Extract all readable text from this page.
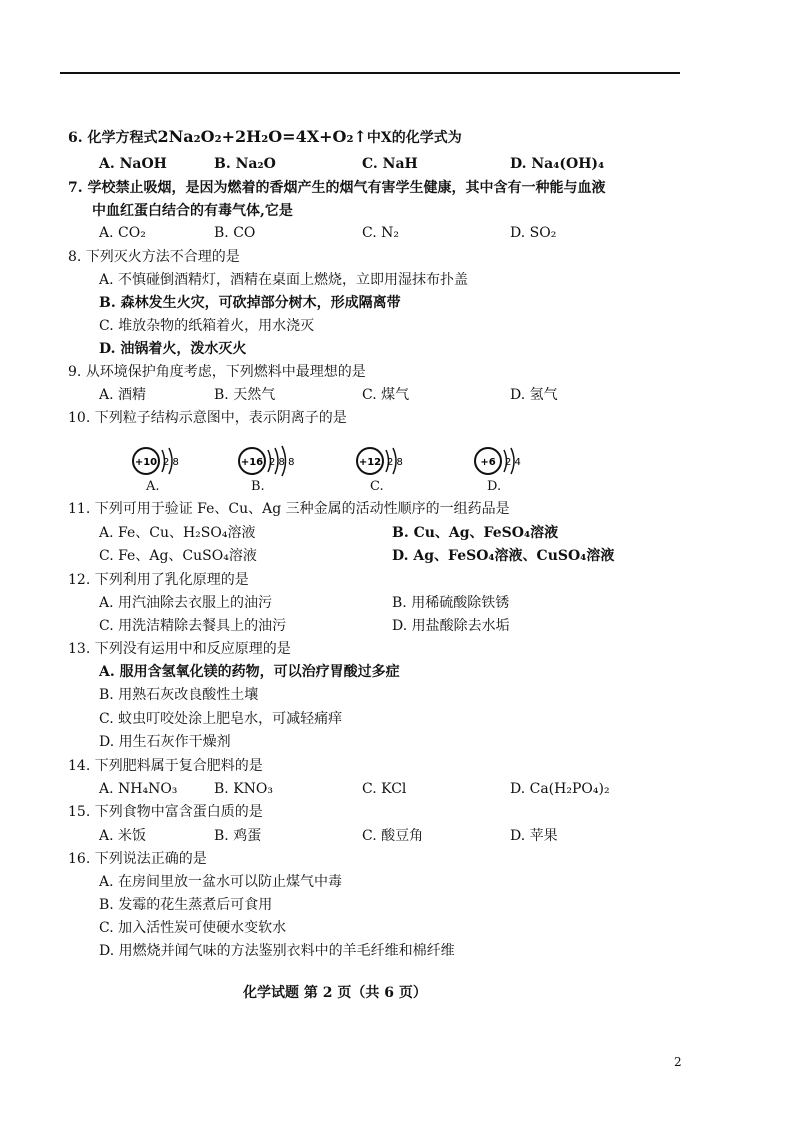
6. 化学方程式2Na₂O₂+2H₂O=4X+O₂↑中X的化学式为
A. NaOH	B. Na₂O	C. NaH	D. Na₄(OH)₄
7. 学校禁止吸烟，是因为燃着的香烟产生的烟气有害学生健康，其中含有一种能与血液
中血红蛋白结合的有毒气体,它是
A. CO₂	B. CO	C. N₂	D. SO₂
8. 下列灭火方法不合理的是
A. 不慎碰倒酒精灯，酒精在桌面上燃烧，立即用湿抹布扑盖
B. 森林发生火灾，可砍掉部分树木，形成隔离带
C. 堆放杂物的纸箱着火，用水浇灭
D. 油锅着火，泼水灭火
9. 从环境保护角度考虑，下列燃料中最理想的是
A. 酒精	B. 天然气	C. 煤气	D. 氢气
10. 下列粒子结构示意图中，表示阴离子的是
+10 2 8	+16 2 8 8	+12 2 8	+6 2 4
A.	B.	C.	D.
11. 下列可用于验证 Fe、Cu、Ag 三种金属的活动性顺序的一组药品是
A. Fe、Cu、H₂SO₄溶液	B. Cu、Ag、FeSO₄溶液
C. Fe、Ag、CuSO₄溶液	D. Ag、FeSO₄溶液、CuSO₄溶液
12. 下列利用了乳化原理的是
A. 用汽油除去衣服上的油污	B. 用稀硫酸除铁锈
C. 用洗洁精除去餐具上的油污	D. 用盐酸除去水垢
13. 下列没有运用中和反应原理的是
A. 服用含氢氧化镁的药物，可以治疗胃酸过多症
B. 用熟石灰改良酸性土壤
C. 蚊虫叮咬处涂上肥皂水，可减轻痛痒
D. 用生石灰作干燥剂
14. 下列肥料属于复合肥料的是
A. NH₄NO₃	B. KNO₃	C. KCl	D. Ca(H₂PO₄)₂
15. 下列食物中富含蛋白质的是
A. 米饭	B. 鸡蛋	C. 酸豆角	D. 苹果
16. 下列说法正确的是
A. 在房间里放一盆水可以防止煤气中毒
B. 发霉的花生蒸煮后可食用
C. 加入活性炭可使硬水变软水
D. 用燃烧并闻气味的方法鉴别衣料中的羊毛纤维和棉纤维
化学试题 第 2 页（共 6 页）
2
